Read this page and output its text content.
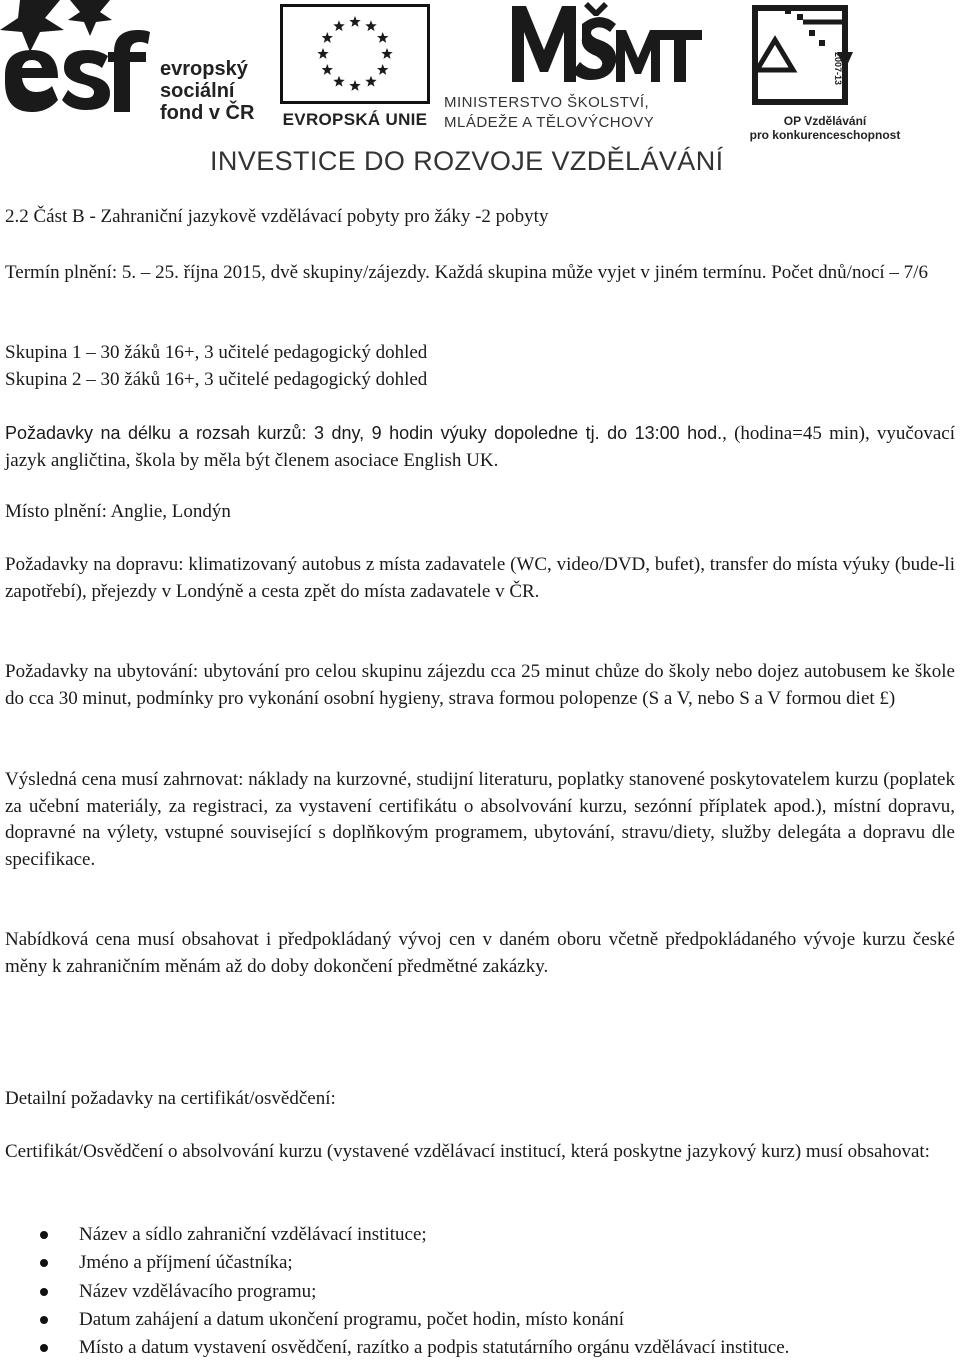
evropský
sociální
fond v ČR	EVROPSKÁ UNIE
MINISTERSTVO ŠKOLSTVÍ,
MLÁDEŽE A TĚLOVÝCHOVY	OP Vzdělávání
pro konkurenceschopnost
2007-13
INVESTICE DO ROZVOJE VZDĚLÁVÁNÍ

2.2 Část B - Zahraniční jazykově vzdělávací pobyty pro žáky -2 pobyty

Termín plnění: 5. – 25. října 2015, dvě skupiny/zájezdy. Každá skupina může vyjet v jiném termínu. Počet dnů/nocí – 7/6

Skupina 1 – 30 žáků 16+, 3 učitelé pedagogický dohled

Skupina 2 – 30 žáků 16+, 3 učitelé pedagogický dohled

Požadavky na délku a rozsah kurzů: 3 dny, 9 hodin výuky dopoledne tj. do 13:00 hod., (hodina=45 min), vyučovací jazyk angličtina, škola by měla být členem asociace English UK.

Místo plnění: Anglie, Londýn

Požadavky na dopravu: klimatizovaný autobus z místa zadavatele (WC, video/DVD, bufet), transfer do místa výuky (bude-li zapotřebí), přejezdy v Londýně a cesta zpět do místa zadavatele v ČR.

Požadavky na ubytování: ubytování pro celou skupinu zájezdu cca 25 minut chůze do školy nebo dojez autobusem ke škole do cca 30 minut, podmínky pro vykonání osobní hygieny, strava formou polopenze (S a V, nebo S a V formou diet £)

Výsledná cena musí zahrnovat: náklady na kurzovné, studijní literaturu, poplatky stanovené poskytovatelem kurzu (poplatek za učební materiály, za registraci, za vystavení certifikátu o absolvování kurzu, sezónní příplatek apod.), místní dopravu, dopravné na výlety, vstupné související s doplňkovým programem, ubytování, stravu/diety, služby delegáta a dopravu dle specifikace.

Nabídková cena musí obsahovat i předpokládaný vývoj cen v daném oboru včetně předpokládaného vývoje kurzu české měny k zahraničním měnám až do doby dokončení předmětné zakázky.

Detailní požadavky na certifikát/osvědčení:

Certifikát/Osvědčení o absolvování kurzu (vystavené vzdělávací institucí, která poskytne jazykový kurz) musí obsahovat:

Název a sídlo zahraniční vzdělávací instituce;
Jméno a příjmení účastníka;
Název vzdělávacího programu;
Datum zahájení a datum ukončení programu, počet hodin, místo konání
Místo a datum vystavení osvědčení, razítko a podpis statutárního orgánu vzdělávací instituce.
